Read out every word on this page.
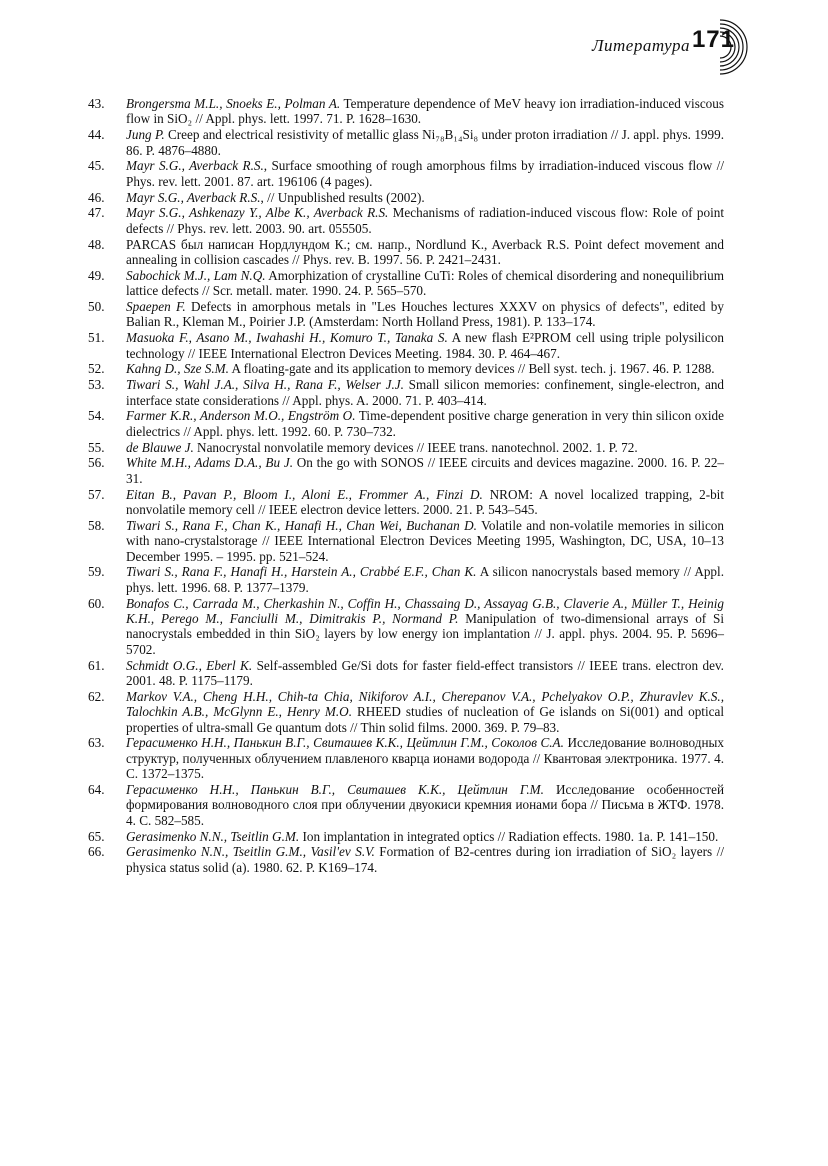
Литература 171
43.	Brongersma M.L., Snoeks E., Polman A. Temperature dependence of MeV heavy ion irradiation-induced viscous flow in SiO₂ // Appl. phys. lett. 1997. 71. P. 1628–1630.
44.	Jung P. Creep and electrical resistivity of metallic glass Ni₇₈B₁₄Si₈ under proton irradiation // J. appl. phys. 1999. 86. P. 4876–4880.
45.	Mayr S.G., Averback R.S., Surface smoothing of rough amorphous films by irradiation-induced viscous flow // Phys. rev. lett. 2001. 87. art. 196106 (4 pages).
46.	Mayr S.G., Averback R.S., // Unpublished results (2002).
47.	Mayr S.G., Ashkenazy Y., Albe K., Averback R.S. Mechanisms of radiation-induced viscous flow: Role of point defects // Phys. rev. lett. 2003. 90. art. 055505.
48.	PARCAS был написан Нордлундом К.; см. напр., Nordlund K., Averback R.S. Point defect movement and annealing in collision cascades // Phys. rev. B. 1997. 56. P. 2421–2431.
49.	Sabochick M.J., Lam N.Q. Amorphization of crystalline CuTi: Roles of chemical disordering and nonequilibrium lattice defects // Scr. metall. mater. 1990. 24. P. 565–570.
50.	Spaepen F. Defects in amorphous metals in "Les Houches lectures XXXV on physics of defects", edited by Balian R., Kleman M., Poirier J.P. (Amsterdam: North Holland Press, 1981). P. 133–174.
51.	Masuoka F., Asano M., Iwahashi H., Komuro T., Tanaka S. A new flash E²PROM cell using triple polysilicon technology // IEEE International Electron Devices Meeting. 1984. 30. P. 464–467.
52.	Kahng D., Sze S.M. A floating-gate and its application to memory devices // Bell syst. tech. j. 1967. 46. P. 1288.
53.	Tiwari S., Wahl J.A., Silva H., Rana F., Welser J.J. Small silicon memories: confinement, single-electron, and interface state considerations // Appl. phys. A. 2000. 71. P. 403–414.
54.	Farmer K.R., Anderson M.O., Engström O. Time-dependent positive charge generation in very thin silicon oxide dielectrics // Appl. phys. lett. 1992. 60. P. 730–732.
55.	de Blauwe J. Nanocrystal nonvolatile memory devices // IEEE trans. nanotechnol. 2002. 1. P. 72.
56.	White M.H., Adams D.A., Bu J. On the go with SONOS // IEEE circuits and devices magazine. 2000. 16. P. 22–31.
57.	Eitan B., Pavan P., Bloom I., Aloni E., Frommer A., Finzi D. NROM: A novel localized trapping, 2-bit nonvolatile memory cell // IEEE electron device letters. 2000. 21. P. 543–545.
58.	Tiwari S., Rana F., Chan K., Hanafi H., Chan Wei, Buchanan D. Volatile and non-volatile memories in silicon with nano-crystalstorage // IEEE International Electron Devices Meeting 1995, Washington, DC, USA, 10–13 December 1995. – 1995. pp. 521–524.
59.	Tiwari S., Rana F., Hanafi H., Harstein A., Crabbé E.F., Chan K. A silicon nanocrystals based memory // Appl. phys. lett. 1996. 68. P. 1377–1379.
60.	Bonafos C., Carrada M., Cherkashin N., Coffin H., Chassaing D., Assayag G.B., Claverie A., Müller T., Heinig K.H., Perego M., Fanciulli M., Dimitrakis P., Normand P. Manipulation of two-dimensional arrays of Si nanocrystals embedded in thin SiO₂ layers by low energy ion implantation // J. appl. phys. 2004. 95. P. 5696–5702.
61.	Schmidt O.G., Eberl K. Self-assembled Ge/Si dots for faster field-effect transistors // IEEE trans. electron dev. 2001. 48. P. 1175–1179.
62.	Markov V.A., Cheng H.H., Chih-ta Chia, Nikiforov A.I., Cherepanov V.A., Pchelyakov O.P., Zhuravlev K.S., Talochkin A.B., McGlynn E., Henry M.O. RHEED studies of nucleation of Ge islands on Si(001) and optical properties of ultra-small Ge quantum dots // Thin solid films. 2000. 369. P. 79–83.
63.	Герасименко Н.Н., Панькин В.Г., Свиташев К.К., Цейтлин Г.М., Соколов С.А. Исследование волноводных структур, полученных облучением плавленого кварца ионами водорода // Квантовая электроника. 1977. 4. С. 1372–1375.
64.	Герасименко Н.Н., Панькин В.Г., Свиташев К.К., Цейтлин Г.М. Исследование особенностей формирования волноводного слоя при облучении двуокиси кремния ионами бора // Письма в ЖТФ. 1978. 4. С. 582–585.
65.	Gerasimenko N.N., Tseitlin G.M. Ion implantation in integrated optics // Radiation effects. 1980. 1a. P. 141–150.
66.	Gerasimenko N.N., Tseitlin G.M., Vasil'ev S.V. Formation of B2-centres during ion irradiation of SiO₂ layers // physica status solid (a). 1980. 62. P. K169–174.
